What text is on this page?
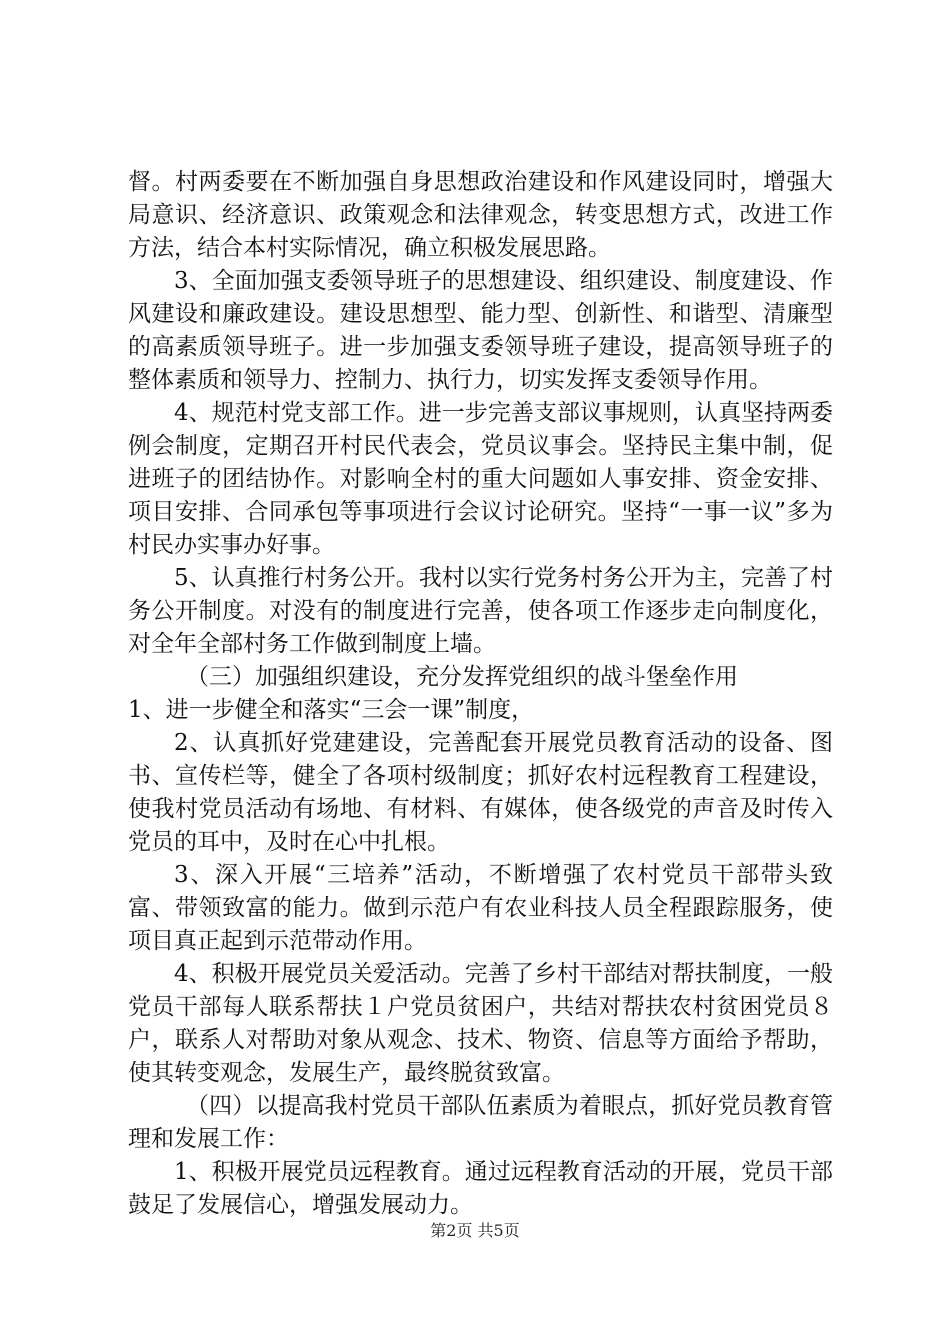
督。村两委要在不断加强自身思想政治建设和作风建设同时，增强大局意识、经济意识、政策观念和法律观念，转变思想方式，改进工作方法，结合本村实际情况，确立积极发展思路。

3、全面加强支委领导班子的思想建设、组织建设、制度建设、作风建设和廉政建设。建设思想型、能力型、创新性、和谐型、清廉型的高素质领导班子。进一步加强支委领导班子建设，提高领导班子的整体素质和领导力、控制力、执行力，切实发挥支委领导作用。

4、规范村党支部工作。进一步完善支部议事规则，认真坚持两委例会制度，定期召开村民代表会，党员议事会。坚持民主集中制，促进班子的团结协作。对影响全村的重大问题如人事安排、资金安排、项目安排、合同承包等事项进行会议讨论研究。坚持“一事一议”多为村民办实事办好事。

5、认真推行村务公开。我村以实行党务村务公开为主，完善了村务公开制度。对没有的制度进行完善，使各项工作逐步走向制度化，对全年全部村务工作做到制度上墙。

（三）加强组织建设，充分发挥党组织的战斗堡垒作用

1、进一步健全和落实“三会一课”制度，

2、认真抓好党建建设，完善配套开展党员教育活动的设备、图书、宣传栏等，健全了各项村级制度；抓好农村远程教育工程建设，使我村党员活动有场地、有材料、有媒体，使各级党的声音及时传入党员的耳中，及时在心中扎根。

3、深入开展“三培养”活动，不断增强了农村党员干部带头致富、带领致富的能力。做到示范户有农业科技人员全程跟踪服务，使项目真正起到示范带动作用。

4、积极开展党员关爱活动。完善了乡村干部结对帮扶制度，一般党员干部每人联系帮扶１户党员贫困户，共结对帮扶农村贫困党员８户，联系人对帮助对象从观念、技术、物资、信息等方面给予帮助，使其转变观念，发展生产，最终脱贫致富。

（四）以提高我村党员干部队伍素质为着眼点，抓好党员教育管理和发展工作：

1、积极开展党员远程教育。通过远程教育活动的开展，党员干部鼓足了发展信心，增强发展动力。

第2页 共5页
